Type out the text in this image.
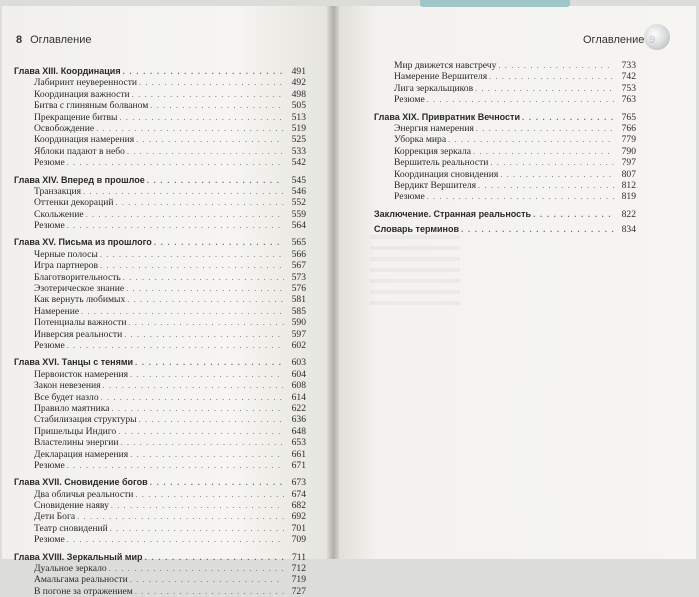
8 Оглавление	Оглавление
Глава XIII. Координация . . .	491
Лабиринт неуверенности . . .	492
Координация важности . . .	498
Битва с глиняным болваном . . .	505
Прекращение битвы . . .	513
Освобождение . . .	519
Координация намерения . . .	525
Яблоки падают в небо . . .	533
Резюме . . .	542
Глава XIV. Вперед в прошлое . . .	545
Транзакция . . .	546
Оттенки декораций . . .	552
Скольжение . . .	559
Резюме . . .	564
Глава XV. Письма из прошлого . . .	565
Черные полосы . . .	566
Игра партнеров . . .	567
Благотворительность . . .	573
Эзотерическое знание . . .	576
Как вернуть любимых . . .	581
Намерение . . .	585
Потенциалы важности . . .	590
Инверсия реальности . . .	597
Резюме . . .	602
Глава XVI. Танцы с тенями . . .	603
Первоисток намерения . . .	604
Закон невезения . . .	608
Все будет назло . . .	614
Правило маятника . . .	622
Стабилизация структуры . . .	636
Пришельцы Индиго . . .	648
Властелины энергии . . .	653
Декларация намерения . . .	661
Резюме . . .	671
Глава XVII. Сновидение богов . . .	673
Два обличья реальности . . .	674
Сновидение наяву . . .	682
Дети Бога . . .	692
Театр сновидений . . .	701
Резюме . . .	709
Глава XVIII. Зеркальный мир . . .	711
Дуальное зеркало . . .	712
Амальгама реальности . . .	719
В погоне за отражением . . .	727
Мир движется навстречу . . .	733
Намерение Вершителя . . .	742
Лига зеркальщиков . . .	753
Резюме . . .	763
Глава XIX. Привратник Вечности . . .	765
Энергия намерения . . .	766
Уборка мира . . .	779
Коррекция зеркала . . .	790
Вершитель реальности . . .	797
Координация сновидения . . .	807
Вердикт Вершителя . . .	812
Резюме . . .	819
Заключение. Странная реальность . . .	822
Словарь терминов . . .	834
